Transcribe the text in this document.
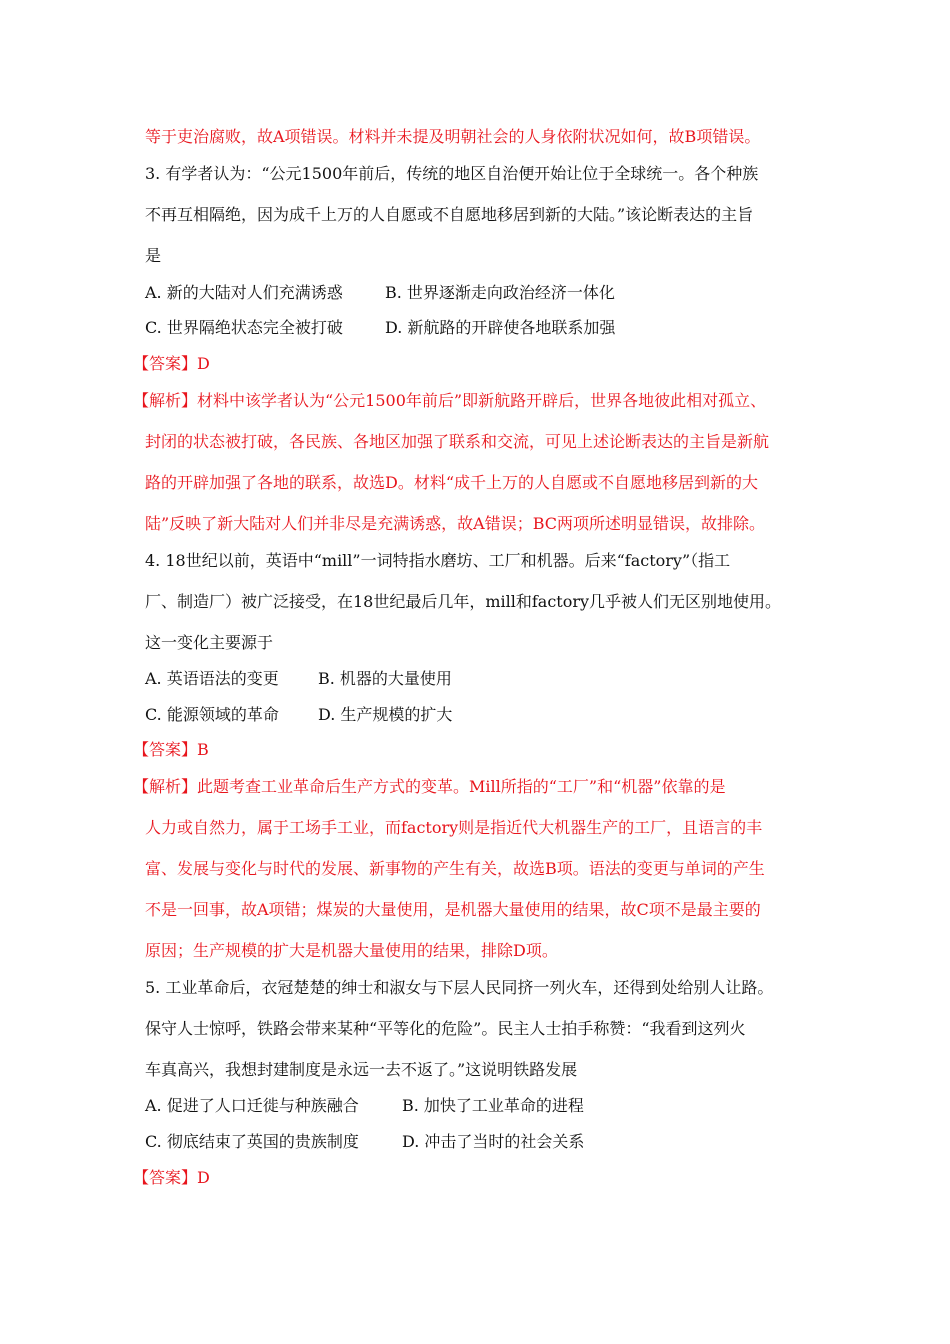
等于吏治腐败，故A项错误。材料并未提及明朝社会的人身依附状况如何，故B项错误。
3. 有学者认为：“公元1500年前后，传统的地区自治便开始让位于全球统一。各个种族
不再互相隔绝，因为成千上万的人自愿或不自愿地移居到新的大陆。”该论断表达的主旨
是
【答案】D
【解析】材料中该学者认为“公元1500年前后”即新航路开辟后，世界各地彼此相对孤立、
封闭的状态被打破，各民族、各地区加强了联系和交流，可见上述论断表达的主旨是新航
路的开辟加强了各地的联系，故选D。材料“成千上万的人自愿或不自愿地移居到新的大
陆”反映了新大陆对人们并非尽是充满诱惑，故A错误；BC两项所述明显错误，故排除。
4. 18世纪以前，英语中“mill”一词特指水磨坊、工厂和机器。后来“factory”（指工
厂、制造厂）被广泛接受，在18世纪最后几年，mill和factory几乎被人们无区别地使用。
这一变化主要源于
【答案】B
【解析】此题考查工业革命后生产方式的变革。Mill所指的“工厂”和“机器”依靠的是
人力或自然力，属于工场手工业，而factory则是指近代大机器生产的工厂，且语言的丰
富、发展与变化与时代的发展、新事物的产生有关，故选B项。语法的变更与单词的产生
不是一回事，故A项错；煤炭的大量使用，是机器大量使用的结果，故C项不是最主要的
原因；生产规模的扩大是机器大量使用的结果，排除D项。
5. 工业革命后，衣冠楚楚的绅士和淑女与下层人民同挤一列火车，还得到处给别人让路。
保守人士惊呼，铁路会带来某种“平等化的危险”。民主人士拍手称赞：“我看到这列火
车真高兴，我想封建制度是永远一去不返了。”这说明铁路发展
【答案】D
A. 新的大陆对人们充满诱惑	B. 世界逐渐走向政治经济一体化
C. 世界隔绝状态完全被打破	D. 新航路的开辟使各地联系加强
A. 英语语法的变更 B. 机器的大量使用
C. 能源领域的革命 D. 生产规模的扩大
A. 促进了人口迁徙与种族融合	B. 加快了工业革命的进程
C. 彻底结束了英国的贵族制度	D. 冲击了当时的社会关系
